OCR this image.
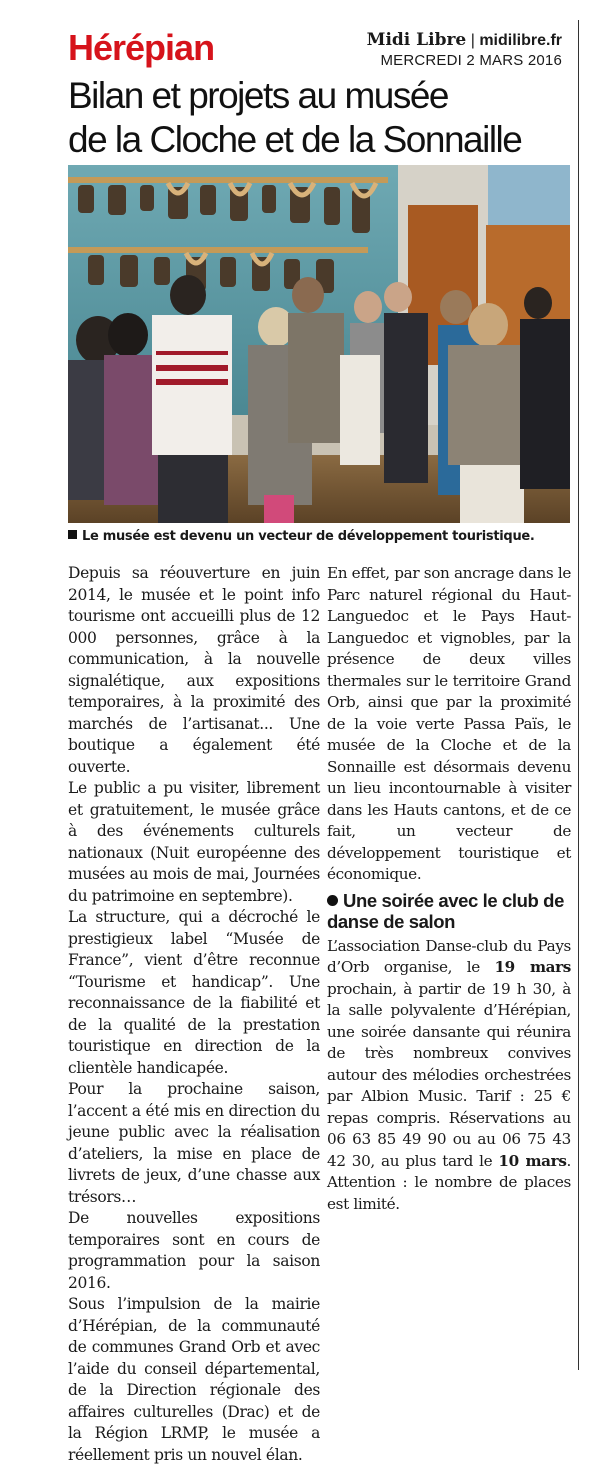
Hérépian	Midi Libre | midilibre.fr
MERCREDI 2 MARS 2016
Bilan et projets au musée
de la Cloche et de la Sonnaille
Le musée est devenu un vecteur de développement touristique.

Depuis sa réouverture en juin 2014, le musée et le point info tourisme ont accueilli plus de 12 000 personnes, grâce à la communication, à la nouvelle signalétique, aux expositions temporaires, à la proximité des marchés de l’artisanat... Une boutique a également été ouverte.

Le public a pu visiter, librement et gratuitement, le musée grâce à des événements culturels nationaux (Nuit européenne des musées au mois de mai, Journées du patrimoine en septembre).

La structure, qui a décroché le prestigieux label “Musée de France”, vient d’être reconnue “Tourisme et handicap”. Une reconnaissance de la fiabilité et de la qualité de la prestation touristique en direction de la clientèle handicapée.

Pour la prochaine saison, l’accent a été mis en direction du jeune public avec la réalisation d’ateliers, la mise en place de livrets de jeux, d’une chasse aux trésors…

De nouvelles expositions temporaires sont en cours de programmation pour la saison 2016.

Sous l’impulsion de la mairie d’Hérépian, de la communauté de communes Grand Orb et avec l’aide du conseil départemental, de la Direction régionale des affaires culturelles (Drac) et de la Région LRMP, le musée a réellement pris un nouvel élan.

En effet, par son ancrage dans le Parc naturel régional du Haut-Languedoc et le Pays Haut-Languedoc et vignobles, par la présence de deux villes thermales sur le territoire Grand Orb, ainsi que par la proximité de la voie verte Passa Païs, le musée de la Cloche et de la Sonnaille est désormais devenu un lieu incontournable à visiter dans les Hauts cantons, et de ce fait, un vecteur de développement touristique et économique.

Une soirée avec le club de danse de salon

L’association Danse-club du Pays d’Orb organise, le 19 mars prochain, à partir de 19 h 30, à la salle polyvalente d’Hérépian, une soirée dansante qui réunira de très nombreux convives autour des mélodies orchestrées par Albion Music. Tarif : 25 € repas compris. Réservations au 06 63 85 49 90 ou au 06 75 43 42 30, au plus tard le 10 mars. Attention : le nombre de places est limité.
